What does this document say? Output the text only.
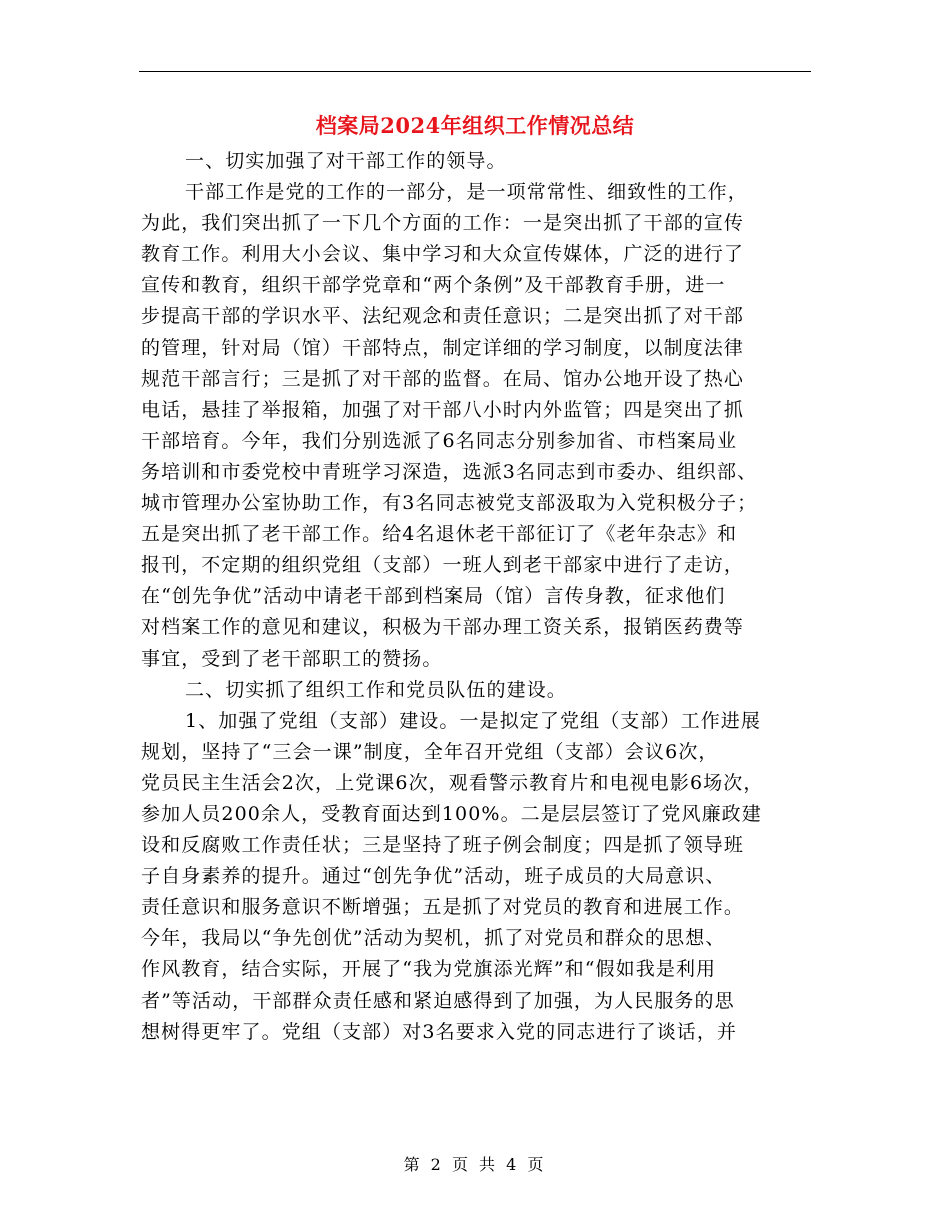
档案局2024年组织工作情况总结
一、切实加强了对干部工作的领导。
干部工作是党的工作的一部分，是一项常常性、细致性的工作，
为此，我们突出抓了一下几个方面的工作：一是突出抓了干部的宣传
教育工作。利用大小会议、集中学习和大众宣传媒体，广泛的进行了
宣传和教育，组织干部学党章和“两个条例”及干部教育手册，进一
步提高干部的学识水平、法纪观念和责任意识；二是突出抓了对干部
的管理，针对局（馆）干部特点，制定详细的学习制度，以制度法律
规范干部言行；三是抓了对干部的监督。在局、馆办公地开设了热心
电话，悬挂了举报箱，加强了对干部八小时内外监管；四是突出了抓
干部培育。今年，我们分别选派了6名同志分别参加省、市档案局业
务培训和市委党校中青班学习深造，选派3名同志到市委办、组织部、
城市管理办公室协助工作，有3名同志被党支部汲取为入党积极分子；
五是突出抓了老干部工作。给4名退休老干部征订了《老年杂志》和
报刊，不定期的组织党组（支部）一班人到老干部家中进行了走访，
在“创先争优”活动中请老干部到档案局（馆）言传身教，征求他们
对档案工作的意见和建议，积极为干部办理工资关系，报销医药费等
事宜，受到了老干部职工的赞扬。
二、切实抓了组织工作和党员队伍的建设。
1、加强了党组（支部）建设。一是拟定了党组（支部）工作进展
规划，坚持了“三会一课”制度，全年召开党组（支部）会议6次，
党员民主生活会2次，上党课6次，观看警示教育片和电视电影6场次，
参加人员200余人，受教育面达到100%。二是层层签订了党风廉政建
设和反腐败工作责任状；三是坚持了班子例会制度；四是抓了领导班
子自身素养的提升。通过“创先争优”活动，班子成员的大局意识、
责任意识和服务意识不断增强；五是抓了对党员的教育和进展工作。
今年，我局以“争先创优”活动为契机，抓了对党员和群众的思想、
作风教育，结合实际，开展了“我为党旗添光辉”和“假如我是利用
者”等活动，干部群众责任感和紧迫感得到了加强，为人民服务的思
想树得更牢了。党组（支部）对3名要求入党的同志进行了谈话，并
第 2 页 共 4 页
